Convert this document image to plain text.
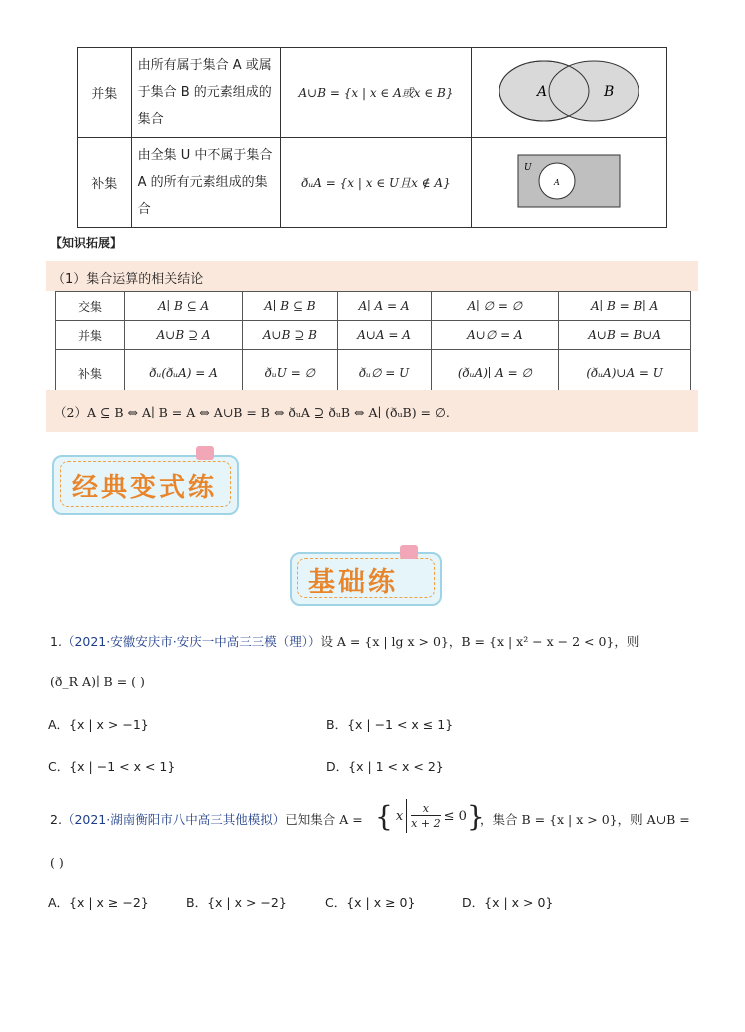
并集	由所有属于集合 A 或属于集合 B 的元素组成的集合	A∪B = {x | x ∈ A或x ∈ B}	A B

补集	由全集 U 中不属于集合 A 的所有元素组成的集合	ðᵤA = {x | x ∈ U且x ∉ A}	U
A
【知识拓展】
（1）集合运算的相关结论
交集	A∣ B ⊆ A	A∣ B ⊆ B	A∣ A = A	A∣ ∅ = ∅	A∣ B = B∣ A
并集	A∪B ⊇ A	A∪B ⊇ B	A∪A = A	A∪∅ = A	A∪B = B∪A
补集	ðᵤ(ðᵤA) = A	ðᵤU = ∅	ðᵤ∅ = U	(ðᵤA)∣ A = ∅	(ðᵤA)∪A = U
（2）A ⊆ B ⇔ A∣ B = A ⇔ A∪B = B ⇔ ðᵤA ⊇ ðᵤB ⇔ A∣ (ðᵤB) = ∅.
经典变式练
基础练
1.（2021·安徽安庆市·安庆一中高三三模（理））设 A = {x | lg x > 0}，B = {x | x² − x − 2 < 0}，则
(ð_R A)∣ B = ( )
A．{x | x > −1}	B．{x | −1 < x ≤ 1}
C．{x | −1 < x < 1}	D．{x | 1 < x < 2}
2.（2021·湖南衡阳市八中高三其他模拟）已知集合 A = { x $\frac{x}{x + 2} \le 0$ }
，集合 B = {x | x > 0}，则 A∪B =
( )
A．{x | x ≥ −2}	B．{x | x > −2}	C．{x | x ≥ 0}	D．{x | x > 0}
